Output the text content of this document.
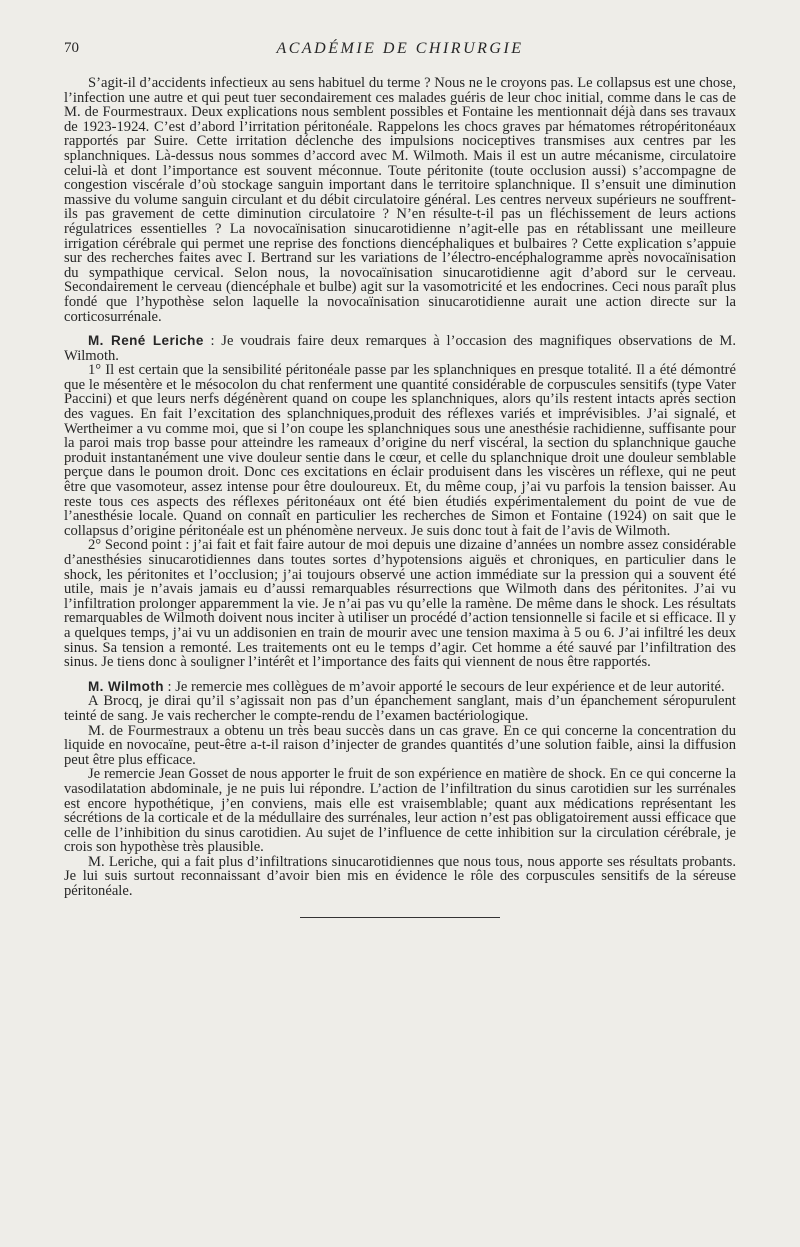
70	ACADÉMIE DE CHIRURGIE

S’agit-il d’accidents infectieux au sens habituel du terme ? Nous ne le croyons pas. Le collapsus est une chose, l’infection une autre et qui peut tuer secondairement ces malades guéris de leur choc initial, comme dans le cas de M. de Fourmestraux. Deux explications nous semblent possibles et Fontaine les mentionnait déjà dans ses travaux de 1923-1924. C’est d’abord l’irritation péritonéale. Rappelons les chocs graves par hématomes rétropéritonéaux rapportés par Suire. Cette irritation déclenche des impulsions nociceptives transmises aux centres par les splanchniques. Là-dessus nous sommes d’accord avec M. Wilmoth. Mais il est un autre mécanisme, circulatoire celui-là et dont l’importance est souvent méconnue. Toute péritonite (toute occlusion aussi) s’accompagne de congestion viscérale d’où stockage sanguin important dans le territoire splanchnique. Il s’ensuit une diminution massive du volume sanguin circulant et du débit circulatoire général. Les centres nerveux supérieurs ne souffrent-ils pas gravement de cette diminution circulatoire ? N’en résulte-t-il pas un fléchissement de leurs actions régulatrices essentielles ? La novocaïnisation sinucarotidienne n’agit-elle pas en rétablissant une meilleure irrigation cérébrale qui permet une reprise des fonctions diencéphaliques et bulbaires ? Cette explication s’appuie sur des recherches faites avec I. Bertrand sur les variations de l’électro-encéphalogramme après novocaïnisation du sympathique cervical. Selon nous, la novocaïnisation sinucarotidienne agit d’abord sur le cerveau. Secondairement le cerveau (diencéphale et bulbe) agit sur la vasomotricité et les endocrines. Ceci nous paraît plus fondé que l’hypothèse selon laquelle la novocaïnisation sinucarotidienne aurait une action directe sur la corticosurrénale.

M. René Leriche : Je voudrais faire deux remarques à l’occasion des magnifiques observations de M. Wilmoth.

1° Il est certain que la sensibilité péritonéale passe par les splanchniques en presque totalité. Il a été démontré que le mésentère et le mésocolon du chat renferment une quantité considérable de corpuscules sensitifs (type Vater Paccini) et que leurs nerfs dégénèrent quand on coupe les splanchniques, alors qu’ils restent intacts après section des vagues. En fait l’excitation des splanchniques,produit des réflexes variés et imprévisibles. J’ai signalé, et Wertheimer a vu comme moi, que si l’on coupe les splanchniques sous une anesthésie rachidienne, suffisante pour la paroi mais trop basse pour atteindre les rameaux d’origine du nerf viscéral, la section du splanchnique gauche produit instantanément une vive douleur sentie dans le cœur, et celle du splanchnique droit une douleur semblable perçue dans le poumon droit. Donc ces excitations en éclair produisent dans les viscères un réflexe, qui ne peut être que vasomoteur, assez intense pour être douloureux. Et, du même coup, j’ai vu parfois la tension baisser. Au reste tous ces aspects des réflexes péritonéaux ont été bien étudiés expérimentalement du point de vue de l’anesthésie locale. Quand on connaît en particulier les recherches de Simon et Fontaine (1924) on sait que le collapsus d’origine péritonéale est un phénomène nerveux. Je suis donc tout à fait de l’avis de Wilmoth.

2° Second point : j’ai fait et fait faire autour de moi depuis une dizaine d’années un nombre assez considérable d’anesthésies sinucarotidiennes dans toutes sortes d’hypotensions aiguës et chroniques, en particulier dans le shock, les péritonites et l’occlusion; j’ai toujours observé une action immédiate sur la pression qui a souvent été utile, mais je n’avais jamais eu d’aussi remarquables résurrections que Wilmoth dans des péritonites. J’ai vu l’infiltration prolonger apparemment la vie. Je n’ai pas vu qu’elle la ramène. De même dans le shock. Les résultats remarquables de Wilmoth doivent nous inciter à utiliser un procédé d’action tensionnelle si facile et si efficace. Il y a quelques temps, j’ai vu un addisonien en train de mourir avec une tension maxima à 5 ou 6. J’ai infiltré les deux sinus. Sa tension a remonté. Les traitements ont eu le temps d’agir. Cet homme a été sauvé par l’infiltration des sinus. Je tiens donc à souligner l’intérêt et l’importance des faits qui viennent de nous être rapportés.

M. Wilmoth : Je remercie mes collègues de m’avoir apporté le secours de leur expérience et de leur autorité.

A Brocq, je dirai qu’il s’agissait non pas d’un épanchement sanglant, mais d’un épanchement séropurulent teinté de sang. Je vais rechercher le compte-rendu de l’examen bactériologique.

M. de Fourmestraux a obtenu un très beau succès dans un cas grave. En ce qui concerne la concentration du liquide en novocaïne, peut-être a-t-il raison d’injecter de grandes quantités d’une solution faible, ainsi la diffusion peut être plus efficace.

Je remercie Jean Gosset de nous apporter le fruit de son expérience en matière de shock. En ce qui concerne la vasodilatation abdominale, je ne puis lui répondre. L’action de l’infiltration du sinus carotidien sur les surrénales est encore hypothétique, j’en conviens, mais elle est vraisemblable; quant aux médications représentant les sécrétions de la corticale et de la médullaire des surrénales, leur action n’est pas obligatoirement aussi efficace que celle de l’inhibition du sinus carotidien. Au sujet de l’influence de cette inhibition sur la circulation cérébrale, je crois son hypothèse très plausible.

M. Leriche, qui a fait plus d’infiltrations sinucarotidiennes que nous tous, nous apporte ses résultats probants. Je lui suis surtout reconnaissant d’avoir bien mis en évidence le rôle des corpuscules sensitifs de la séreuse péritonéale.
